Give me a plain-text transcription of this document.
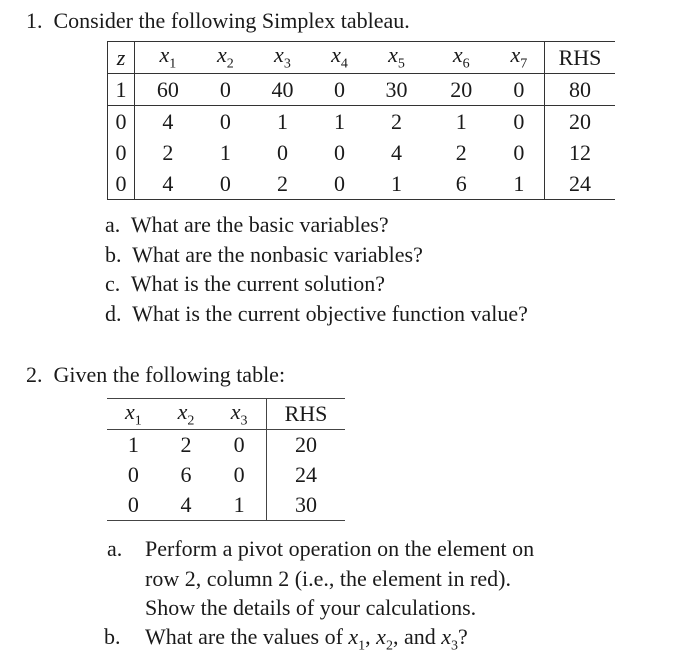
1. Consider the following Simplex tableau.
z	$x_1$	$x_2$	$x_3$	$x_4$	$x_5$	$x_6$	$x_7$	RHS
1	60	0	40	0	30	20	0	80
0	4	0	1	1	2	1	0	20
0	2	1	0	0	4	2	0	12
0	4	0	2	0	1	6	1	24
a. What are the basic variables?
b. What are the nonbasic variables?
c. What is the current solution?
d. What is the current objective function value?
2. Given the following table:
$x_1$	$x_2$	$x_3$	RHS
1	2	0	20
0	6	0	24
0	4	1	30
a. Perform a pivot operation on the element on
row 2, column 2 (i.e., the element in red).
Show the details of your calculations.
b. What are the values of $x_1$, $x_2$, and $x_3$?
